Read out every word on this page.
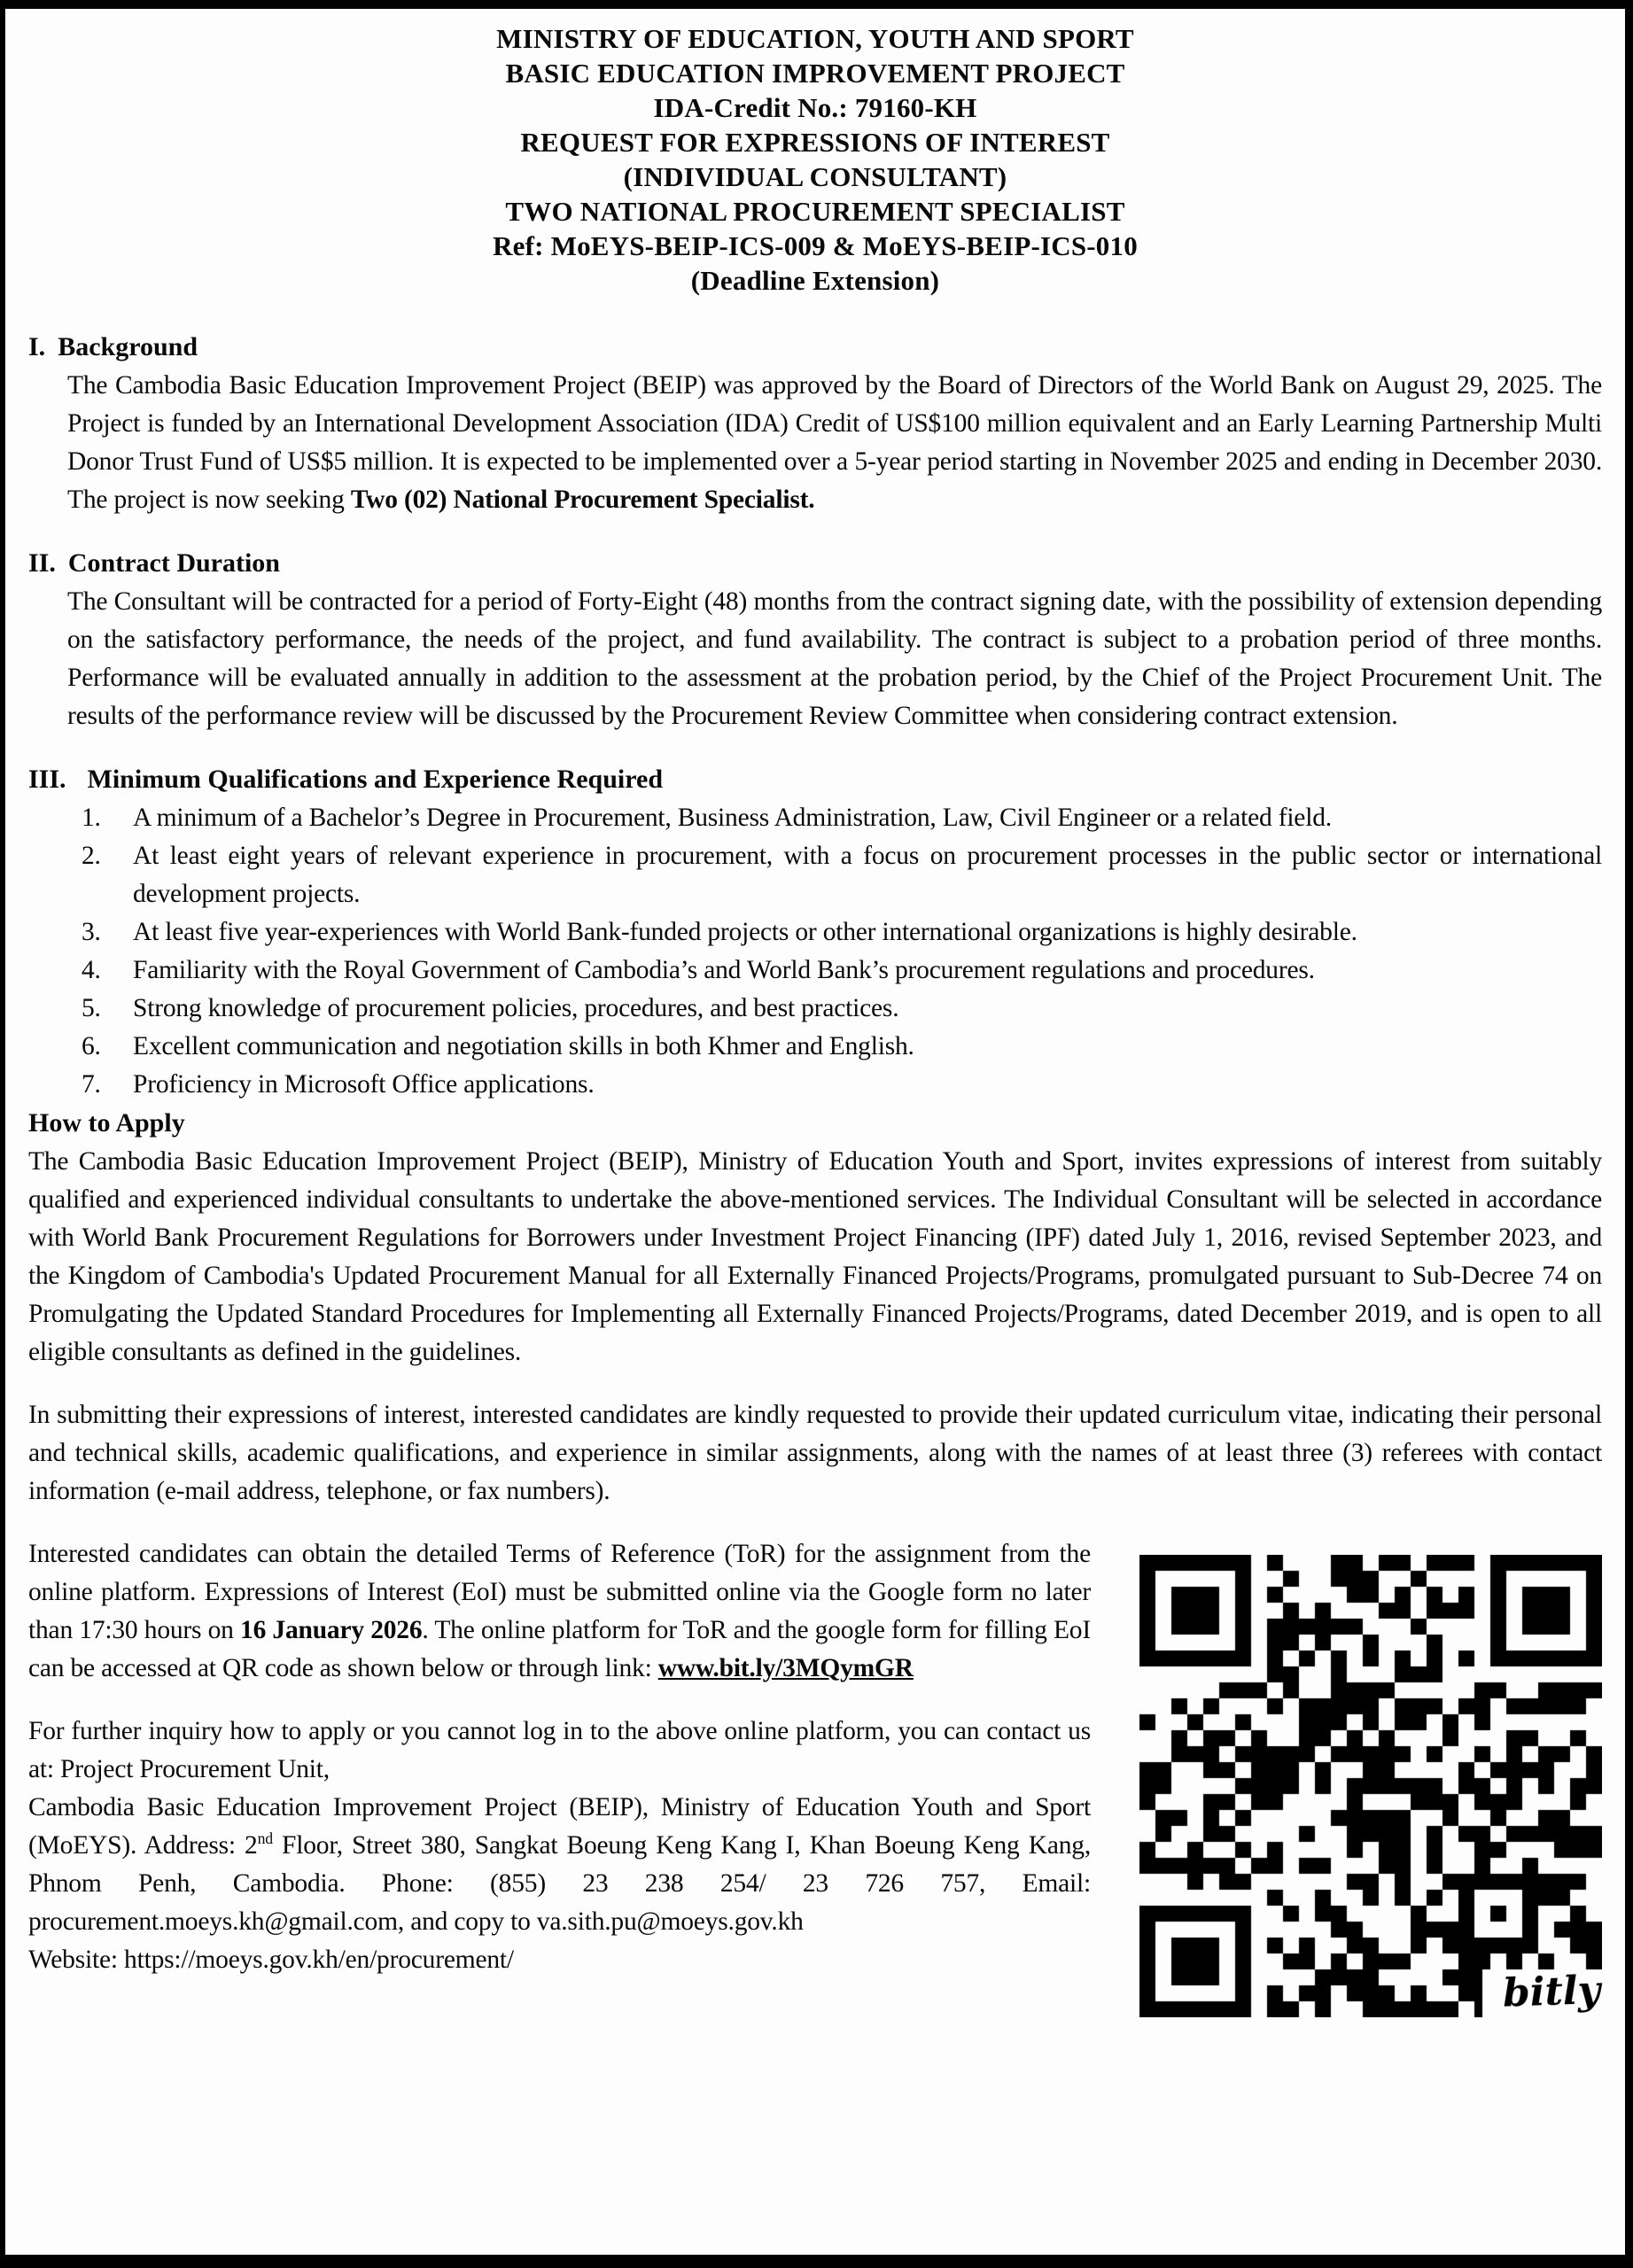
MINISTRY OF EDUCATION, YOUTH AND SPORT
BASIC EDUCATION IMPROVEMENT PROJECT
IDA-Credit No.: 79160-KH
REQUEST FOR EXPRESSIONS OF INTEREST
(INDIVIDUAL CONSULTANT)
TWO NATIONAL PROCUREMENT SPECIALIST
Ref: MoEYS-BEIP-ICS-009 & MoEYS-BEIP-ICS-010
(Deadline Extension)
I. Background

The Cambodia Basic Education Improvement Project (BEIP) was approved by the Board of Directors of the World Bank on August 29, 2025. The Project is funded by an International Development Association (IDA) Credit of US$100 million equivalent and an Early Learning Partnership Multi Donor Trust Fund of US$5 million. It is expected to be implemented over a 5-year period starting in November 2025 and ending in December 2030. The project is now seeking Two (02) National Procurement Specialist.

II. Contract Duration

The Consultant will be contracted for a period of Forty-Eight (48) months from the contract signing date, with the possibility of extension depending on the satisfactory performance, the needs of the project, and fund availability. The contract is subject to a probation period of three months. Performance will be evaluated annually in addition to the assessment at the probation period, by the Chief of the Project Procurement Unit. The results of the performance review will be discussed by the Procurement Review Committee when considering contract extension.

III. Minimum Qualifications and Experience Required
1.	A minimum of a Bachelor’s Degree in Procurement, Business Administration, Law, Civil Engineer or a related field.

2.	At least eight years of relevant experience in procurement, with a focus on procurement processes in the public sector or international development projects.

3.	At least five year-experiences with World Bank-funded projects or other international organizations is highly desirable.

4.	Familiarity with the Royal Government of Cambodia’s and World Bank’s procurement regulations and procedures.

5.	Strong knowledge of procurement policies, procedures, and best practices.

6.	Excellent communication and negotiation skills in both Khmer and English.

7.	Proficiency in Microsoft Office applications.

How to Apply

The Cambodia Basic Education Improvement Project (BEIP), Ministry of Education Youth and Sport, invites expressions of interest from suitably qualified and experienced individual consultants to undertake the above-mentioned services. The Individual Consultant will be selected in accordance with World Bank Procurement Regulations for Borrowers under Investment Project Financing (IPF) dated July 1, 2016, revised September 2023, and the Kingdom of Cambodia's Updated Procurement Manual for all Externally Financed Projects/Programs, promulgated pursuant to Sub-Decree 74 on Promulgating the Updated Standard Procedures for Implementing all Externally Financed Projects/Programs, dated December 2019, and is open to all eligible consultants as defined in the guidelines.

In submitting their expressions of interest, interested candidates are kindly requested to provide their updated curriculum vitae, indicating their personal and technical skills, academic qualifications, and experience in similar assignments, along with the names of at least three (3) referees with contact information (e-mail address, telephone, or fax numbers).

Interested candidates can obtain the detailed Terms of Reference (ToR) for the assignment from the online platform. Expressions of Interest (EoI) must be submitted online via the Google form no later than 17:30 hours on 16 January 2026. The online platform for ToR and the google form for filling EoI can be accessed at QR code as shown below or through link: www.bit.ly/3MQymGR

For further inquiry how to apply or you cannot log in to the above online platform, you can contact us at: Project Procurement Unit,

Cambodia Basic Education Improvement Project (BEIP), Ministry of Education Youth and Sport (MoEYS). Address: 2nd Floor, Street 380, Sangkat Boeung Keng Kang I, Khan Boeung Keng Kang, Phnom Penh, Cambodia. Phone: (855) 23 238 254/ 23 726 757, Email: procurement.moeys.kh@gmail.com, and copy to va.sith.pu@moeys.gov.kh

Website: https://moeys.gov.kh/en/procurement/

bitly
